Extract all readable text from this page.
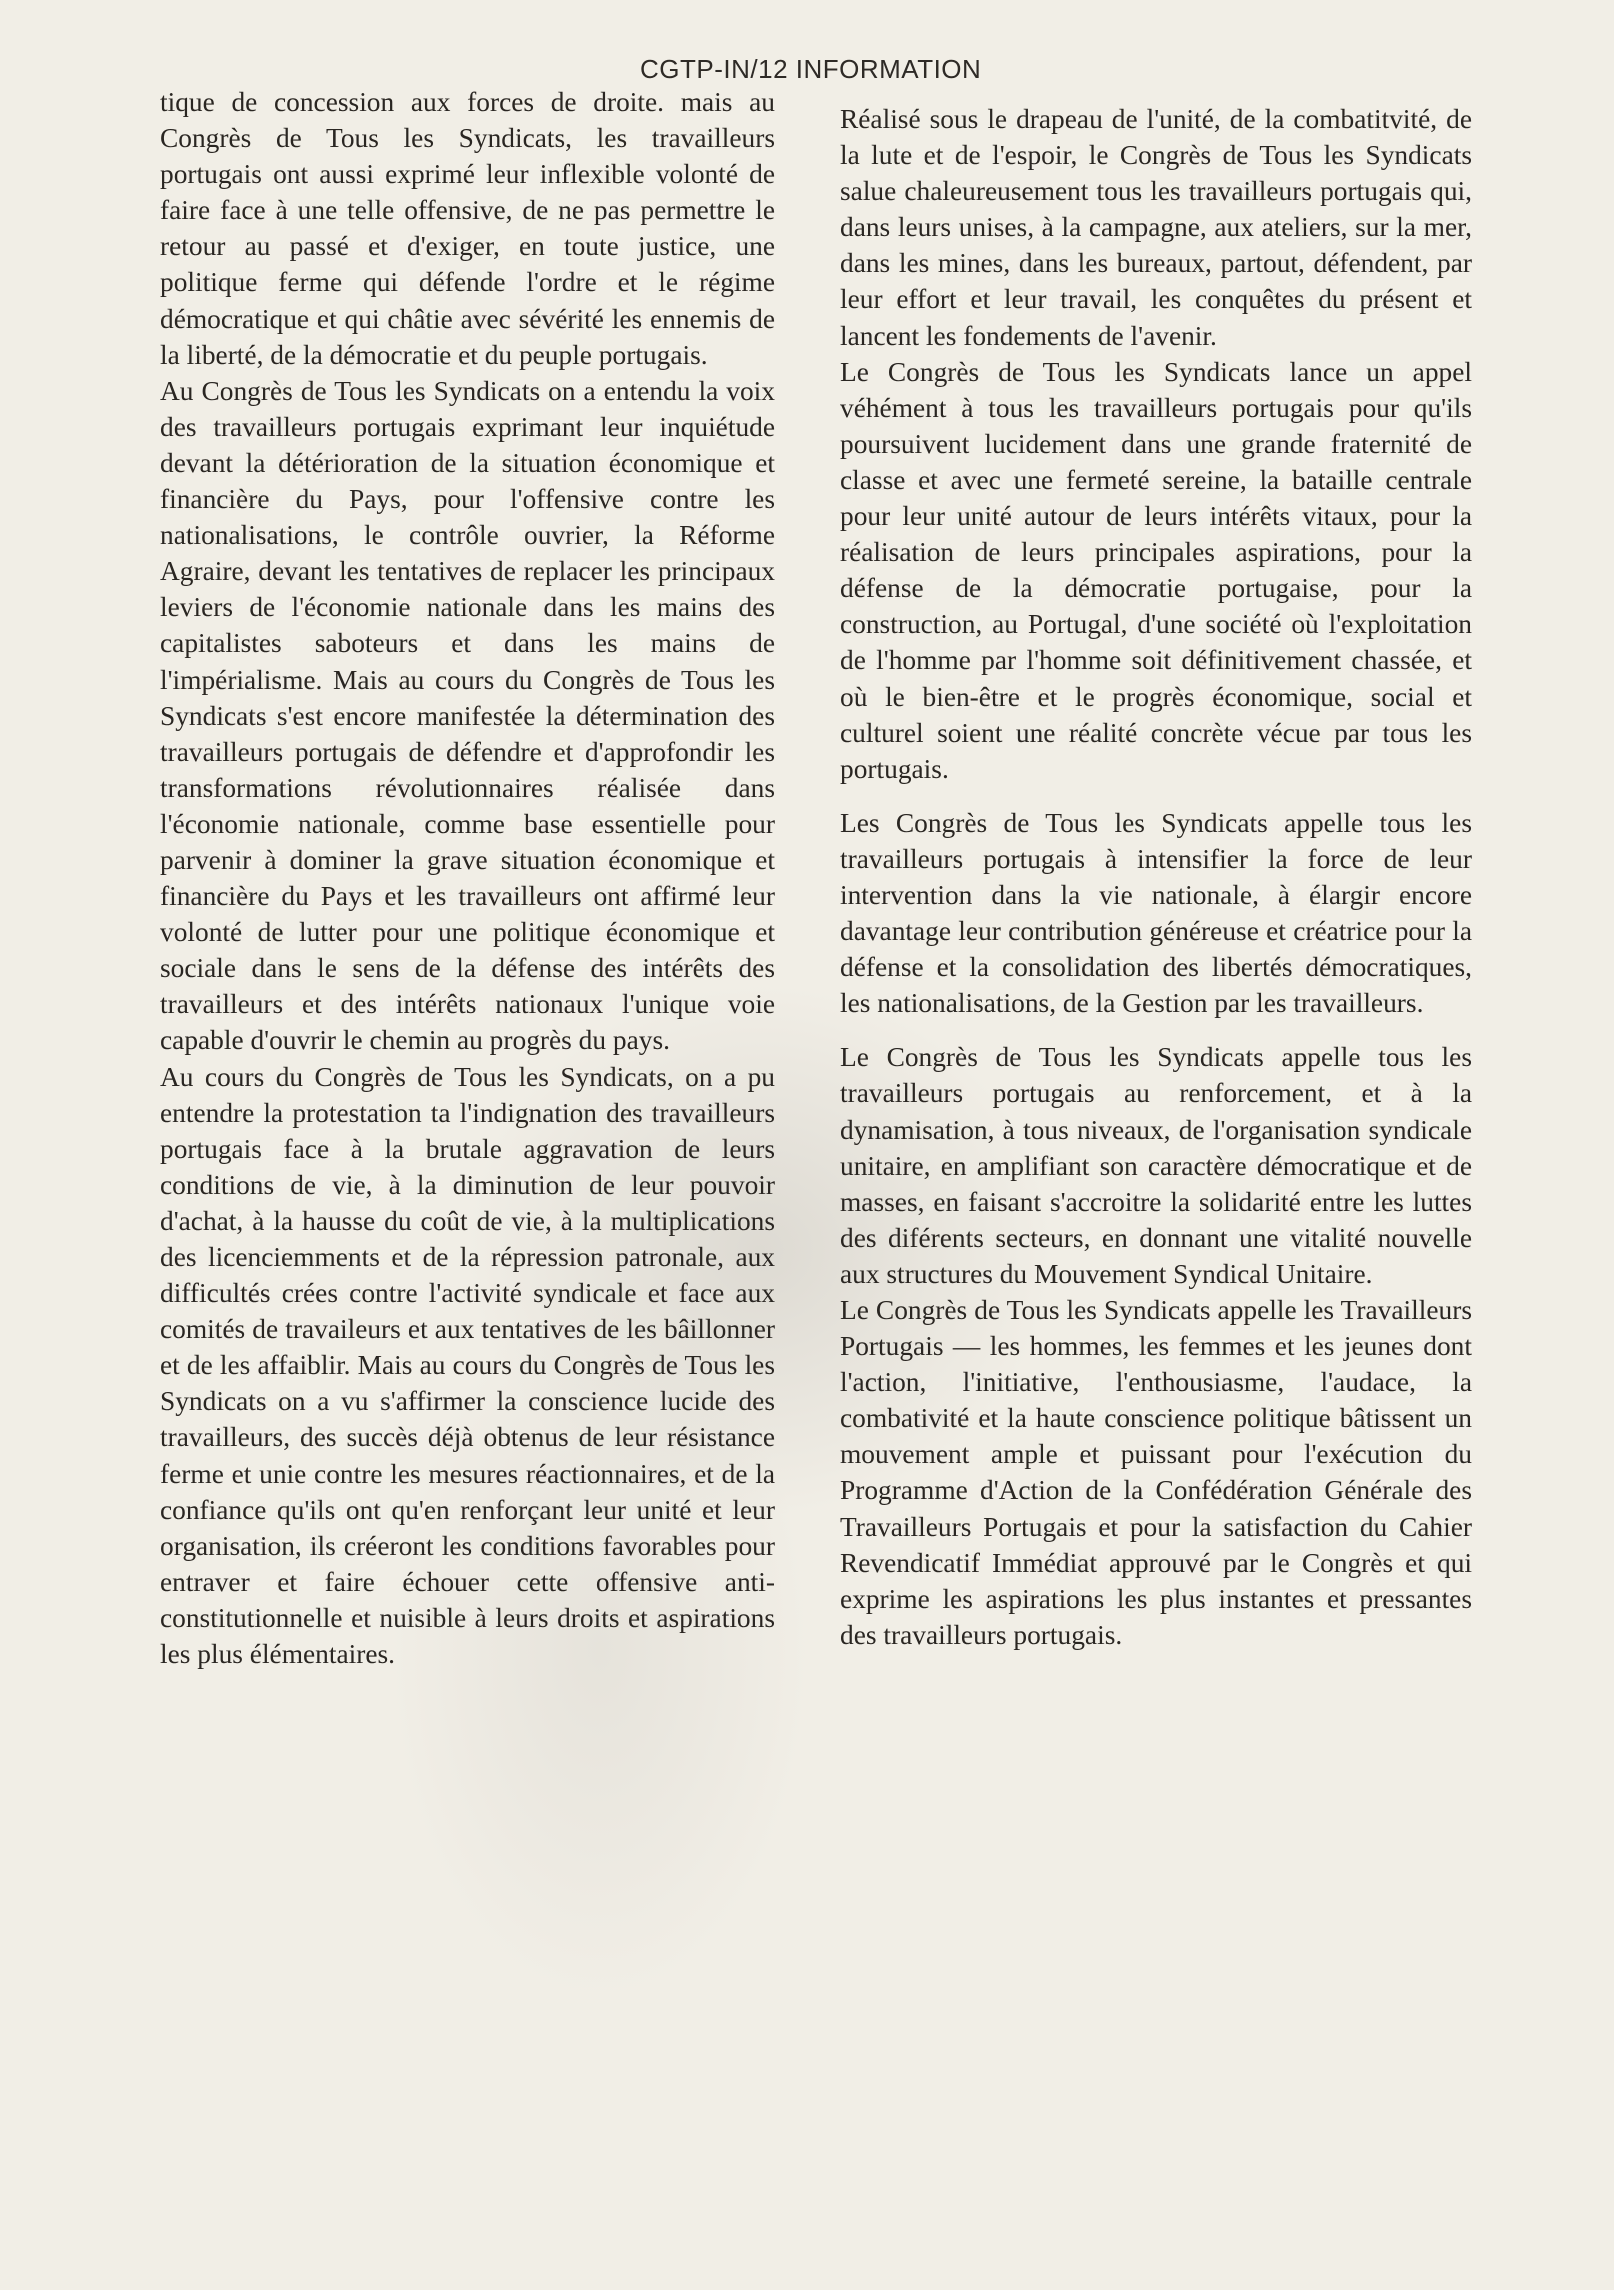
CGTP-IN/12 INFORMATION

tique de concession aux forces de droite. mais au Congrès de Tous les Syndicats, les travailleurs portugais ont aussi exprimé leur inflexible volonté de faire face à une telle offensive, de ne pas permettre le retour au passé et d'exiger, en toute justice, une politique ferme qui défende l'ordre et le régime démocratique et qui châtie avec sévérité les ennemis de la liberté, de la démocratie et du peuple portugais.

Au Congrès de Tous les Syndicats on a entendu la voix des travailleurs portugais exprimant leur inquiétude devant la détérioration de la situation économique et financière du Pays, pour l'offensive contre les nationalisations, le contrôle ouvrier, la Réforme Agraire, devant les tentatives de replacer les principaux leviers de l'économie nationale dans les mains des capitalistes saboteurs et dans les mains de l'impérialisme. Mais au cours du Congrès de Tous les Syndicats s'est encore manifestée la détermination des travailleurs portugais de défendre et d'approfondir les transformations révolutionnaires réalisée dans l'économie nationale, comme base essentielle pour parvenir à dominer la grave situation économique et financière du Pays et les travailleurs ont affirmé leur volonté de lutter pour une politique économique et sociale dans le sens de la défense des intérêts des travailleurs et des intérêts nationaux l'unique voie capable d'ouvrir le chemin au progrès du pays.

Au cours du Congrès de Tous les Syndicats, on a pu entendre la protestation ta l'indignation des travailleurs portugais face à la brutale aggravation de leurs conditions de vie, à la diminution de leur pouvoir d'achat, à la hausse du coût de vie, à la multiplications des licenciemments et de la répression patronale, aux difficultés crées contre l'activité syndicale et face aux comités de travaileurs et aux tentatives de les bâillonner et de les affaiblir. Mais au cours du Congrès de Tous les Syndicats on a vu s'affirmer la conscience lucide des travailleurs, des succès déjà obtenus de leur résistance ferme et unie contre les mesures réactionnaires, et de la confiance qu'ils ont qu'en renforçant leur unité et leur organisation, ils créeront les conditions favorables pour entraver et faire échouer cette offensive anti-constitutionnelle et nuisible à leurs droits et aspirations les plus élémentaires.

Réalisé sous le drapeau de l'unité, de la combatitvité, de la lute et de l'espoir, le Congrès de Tous les Syndicats salue chaleureusement tous les travailleurs portugais qui, dans leurs unises, à la campagne, aux ateliers, sur la mer, dans les mines, dans les bureaux, partout, défendent, par leur effort et leur travail, les conquêtes du présent et lancent les fondements de l'avenir.

Le Congrès de Tous les Syndicats lance un appel véhément à tous les travailleurs portugais pour qu'ils poursuivent lucidement dans une grande fraternité de classe et avec une fermeté sereine, la bataille centrale pour leur unité autour de leurs intérêts vitaux, pour la réalisation de leurs principales aspirations, pour la défense de la démocratie portugaise, pour la construction, au Portugal, d'une société où l'exploitation de l'homme par l'homme soit définitivement chassée, et où le bien-être et le progrès économique, social et culturel soient une réalité concrète vécue par tous les portugais.

Les Congrès de Tous les Syndicats appelle tous les travailleurs portugais à intensifier la force de leur intervention dans la vie nationale, à élargir encore davantage leur contribution généreuse et créatrice pour la défense et la consolidation des libertés démocratiques, les nationalisations, de la Gestion par les travailleurs.

Le Congrès de Tous les Syndicats appelle tous les travailleurs portugais au renforcement, et à la dynamisation, à tous niveaux, de l'organisation syndicale unitaire, en amplifiant son caractère démocratique et de masses, en faisant s'accroitre la solidarité entre les luttes des diférents secteurs, en donnant une vitalité nouvelle aux structures du Mouvement Syndical Unitaire.

Le Congrès de Tous les Syndicats appelle les Travailleurs Portugais — les hommes, les femmes et les jeunes dont l'action, l'initiative, l'enthousiasme, l'audace, la combativité et la haute conscience politique bâtissent un mouvement ample et puissant pour l'exécution du Programme d'Action de la Confédération Générale des Travailleurs Portugais et pour la satisfaction du Cahier Revendicatif Immédiat approuvé par le Congrès et qui exprime les aspirations les plus instantes et pressantes des travailleurs portugais.
